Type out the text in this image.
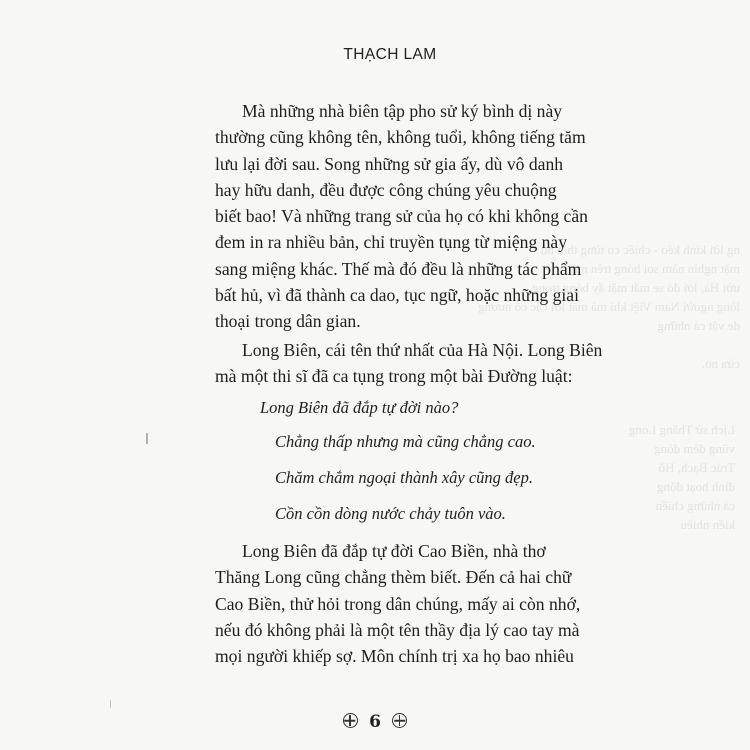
ng lời kính kéo - chiếc co từng thôi hủ
mặt nghìn năm soi bóng trên mặt
ười Hà, lời đó se mất mặt ấy bóng trong
lòng người Nam Việt khi mà mất lời các cô nương
de vật cả những

cửa nó.
Lịch sử Thăng Long
vũng đêm đông
Trúc Bạch, Hồ
đình hoạt động
cả những chiến
kiến nhiều
THẠCH LAM
Mà những nhà biên tập pho sử ký bình dị này
thường cũng không tên, không tuổi, không tiếng tăm
lưu lại đời sau. Song những sử gia ấy, dù vô danh
hay hữu danh, đều được công chúng yêu chuộng
biết bao! Và những trang sử của họ có khi không cần
đem in ra nhiều bản, chỉ truyền tụng từ miệng này
sang miệng khác. Thế mà đó đều là những tác phẩm
bất hủ, vì đã thành ca dao, tục ngữ, hoặc những giai
thoại trong dân gian.
Long Biên, cái tên thứ nhất của Hà Nội. Long Biên
mà một thi sĩ đã ca tụng trong một bài Đường luật:
Long Biên đã đắp tự đời nào?
Chẳng thấp nhưng mà cũng chẳng cao.
Chăm chắm ngoại thành xây cũng đẹp.
Cồn cồn dòng nước chảy tuôn vào.
Long Biên đã đắp tự đời Cao Biền, nhà thơ
Thăng Long cũng chẳng thèm biết. Đến cả hai chữ
Cao Biền, thử hỏi trong dân chúng, mấy ai còn nhớ,
nếu đó không phải là một tên thầy địa lý cao tay mà
mọi người khiếp sợ. Môn chính trị xa họ bao nhiêu
6
